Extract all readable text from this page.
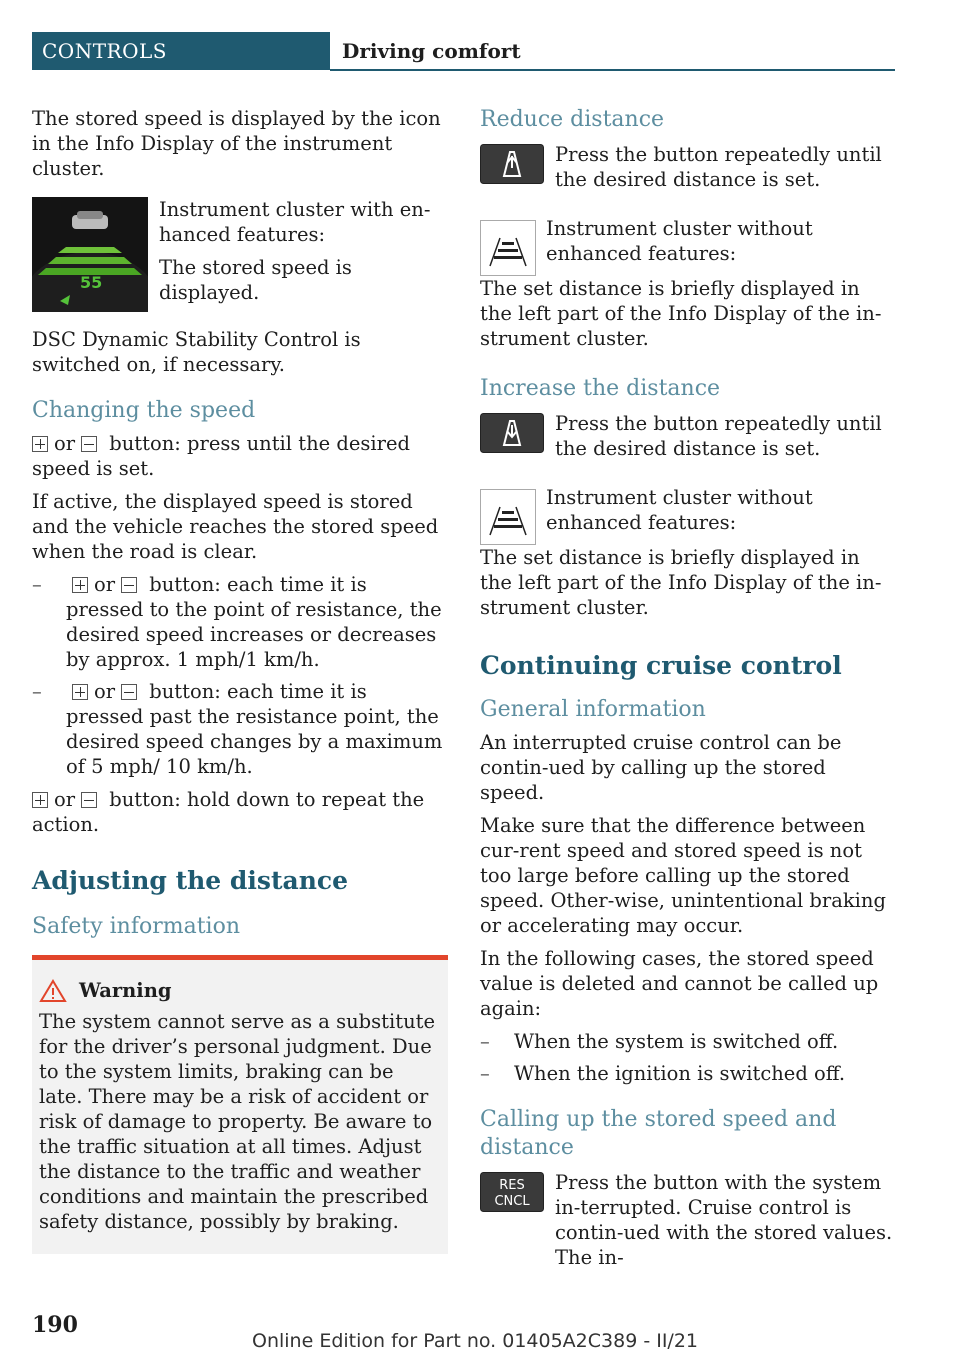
CONTROLS	Driving comfort

The stored speed is displayed by the icon in the Info Display of the instrument cluster.

55

Instrument cluster with en-hanced features:

The stored speed is displayed.

DSC Dynamic Stability Control is switched on, if necessary.

Changing the speed

or button: press until the desired speed is set.

If active, the displayed speed is stored and the vehicle reaches the stored speed when the road is clear.

– or button: each time it is pressed to the point of resistance, the desired speed increases or decreases by approx. 1 mph/1 km/h.
– or button: each time it is pressed past the resistance point, the desired speed changes by a maximum of 5 mph/ 10 km/h.

or button: hold down to repeat the action.

Adjusting the distance
Safety information
Warning

The system cannot serve as a substitute for the driver’s personal judgment. Due to the system limits, braking can be late. There may be a risk of accident or risk of damage to property. Be aware to the traffic situation at all times. Adjust the distance to the traffic and weather conditions and maintain the prescribed safety distance, possibly by braking.

Reduce distance

Press the button repeatedly until the desired distance is set.

Instrument cluster without enhanced features:

The set distance is briefly displayed in the left part of the Info Display of the in-strument cluster.

Increase the distance

Press the button repeatedly until the desired distance is set.

Instrument cluster without enhanced features:

The set distance is briefly displayed in the left part of the Info Display of the in-strument cluster.

Continuing cruise control
General information

An interrupted cruise control can be contin-ued by calling up the stored speed.

Make sure that the difference between cur-rent speed and stored speed is not too large before calling up the stored speed. Other-wise, unintentional braking or accelerating may occur.

In the following cases, the stored speed value is deleted and cannot be called up again:

– When the system is switched off.
– When the ignition is switched off.
Calling up the stored speed and distance
RES
CNCL

Press the button with the system in-terrupted. Cruise control is contin-ued with the stored values. The in-

190
Online Edition for Part no. 01405A2C389 - II/21
